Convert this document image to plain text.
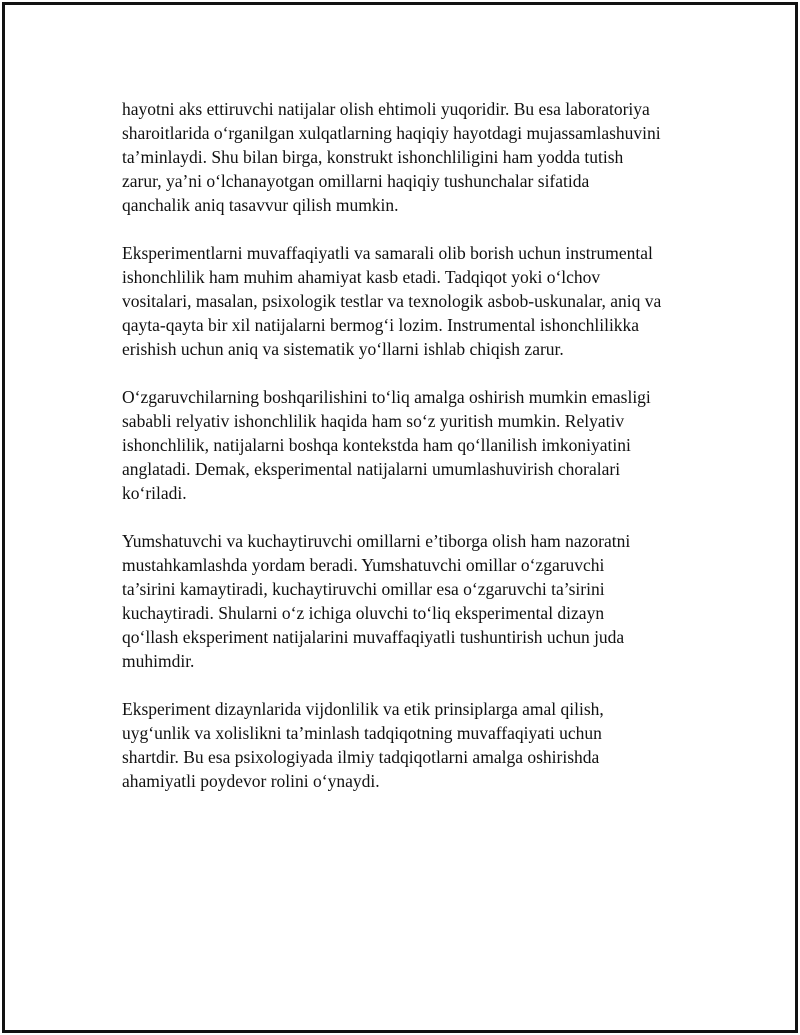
hayotni aks ettiruvchi natijalar olish ehtimoli yuqoridir. Bu esa laboratoriya
sharoitlarida o‘rganilgan xulqatlarning haqiqiy hayotdagi mujassamlashuvini
ta’minlaydi. Shu bilan birga, konstrukt ishonchliligini ham yodda tutish
zarur, ya’ni o‘lchanayotgan omillarni haqiqiy tushunchalar sifatida
qanchalik aniq tasavvur qilish mumkin.

Eksperimentlarni muvaffaqiyatli va samarali olib borish uchun instrumental
ishonchlilik ham muhim ahamiyat kasb etadi. Tadqiqot yoki o‘lchov
vositalari, masalan, psixologik testlar va texnologik asbob-uskunalar, aniq va
qayta-qayta bir xil natijalarni bermog‘i lozim. Instrumental ishonchlilikka
erishish uchun aniq va sistematik yo‘llarni ishlab chiqish zarur.

O‘zgaruvchilarning boshqarilishini to‘liq amalga oshirish mumkin emasligi
sababli relyativ ishonchlilik haqida ham so‘z yuritish mumkin. Relyativ
ishonchlilik, natijalarni boshqa kontekstda ham qo‘llanilish imkoniyatini
anglatadi. Demak, eksperimental natijalarni umumlashuvirish choralari
ko‘riladi.

Yumshatuvchi va kuchaytiruvchi omillarni e’tiborga olish ham nazoratni
mustahkamlashda yordam beradi. Yumshatuvchi omillar o‘zgaruvchi
ta’sirini kamaytiradi, kuchaytiruvchi omillar esa o‘zgaruvchi ta’sirini
kuchaytiradi. Shularni o‘z ichiga oluvchi to‘liq eksperimental dizayn
qo‘llash eksperiment natijalarini muvaffaqiyatli tushuntirish uchun juda
muhimdir.

Eksperiment dizaynlarida vijdonlilik va etik prinsiplarga amal qilish,
uyg‘unlik va xolislikni ta’minlash tadqiqotning muvaffaqiyati uchun
shartdir. Bu esa psixologiyada ilmiy tadqiqotlarni amalga oshirishda
ahamiyatli poydevor rolini o‘ynaydi.
